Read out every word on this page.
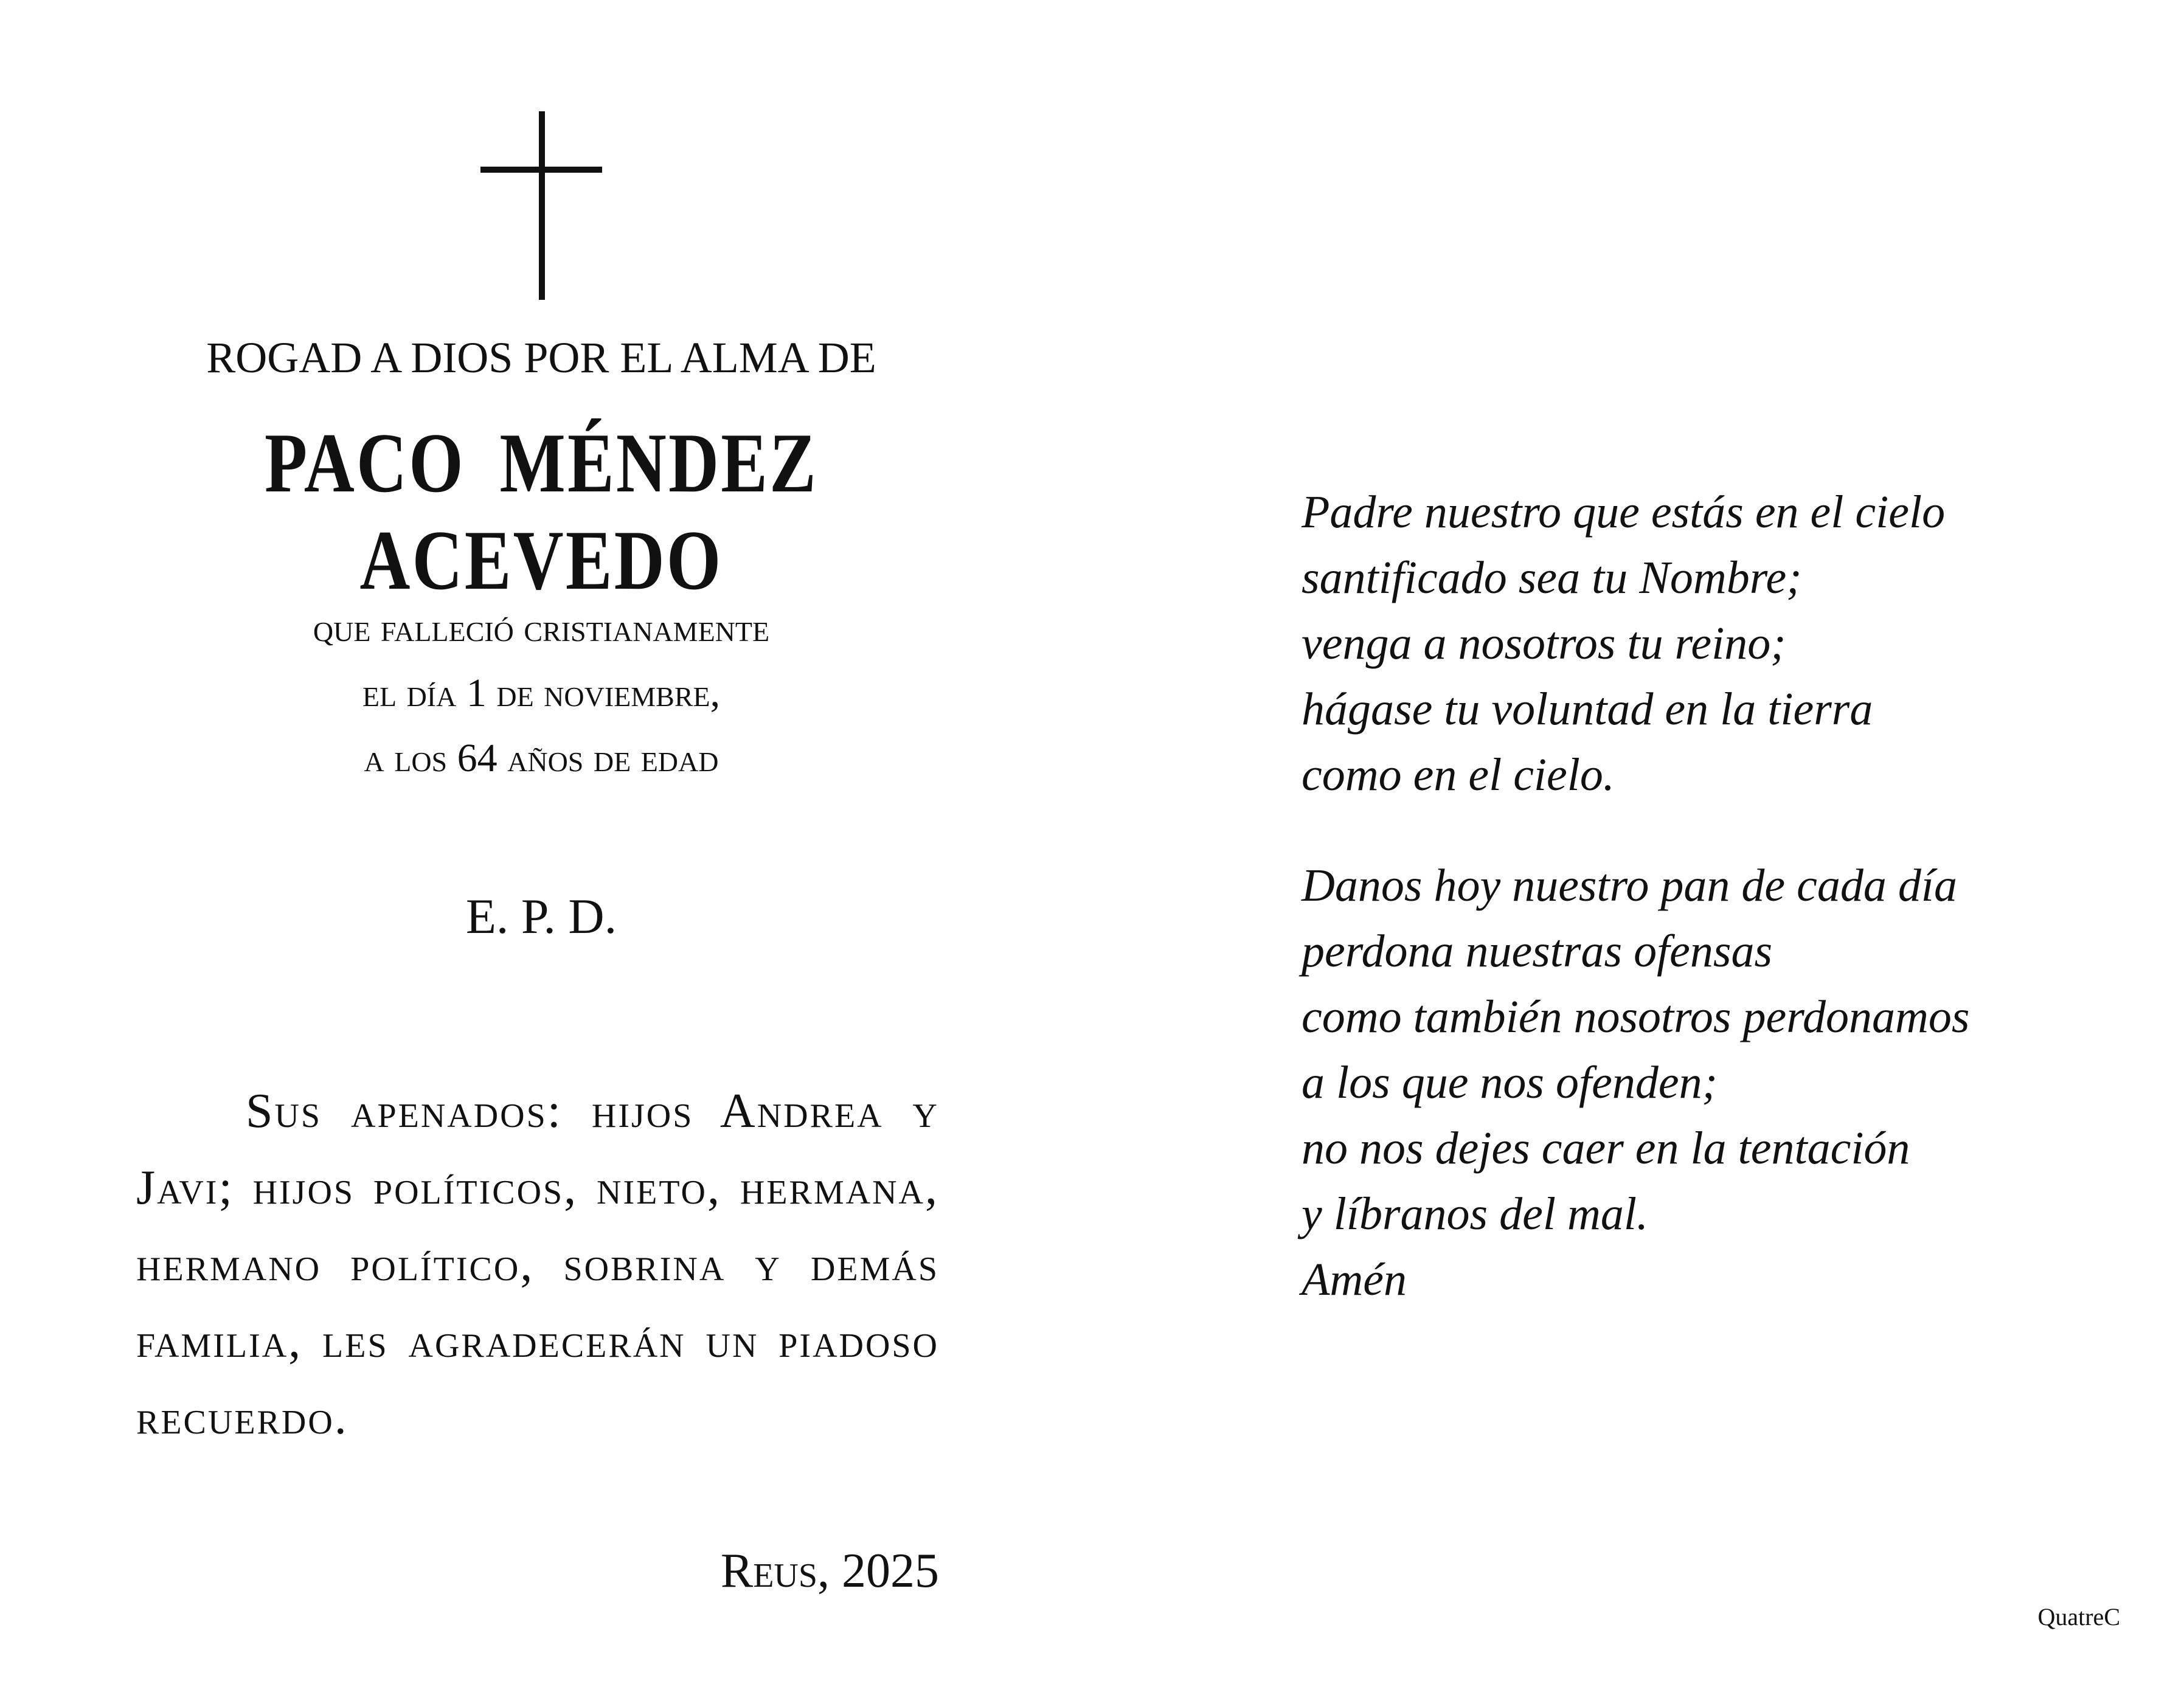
ROGAD A DIOS POR EL ALMA DE
PACO MÉNDEZ ACEVEDO
que falleció cristianamente
el día 1 de noviembre,
a los 64 años de edad
E. P. D.

Sus apenados: hijos Andrea y Javi; hijos políticos, nieto, hermana, hermano político, sobrina y demás familia, les agradecerán un piadoso recuerdo.

Reus, 2025
Padre nuestro que estás en el cielo
santificado sea tu Nombre;
venga a nosotros tu reino;
hágase tu voluntad en la tierra
como en el cielo.
Danos hoy nuestro pan de cada día
perdona nuestras ofensas
como también nosotros perdonamos
a los que nos ofenden;
no nos dejes caer en la tentación
y líbranos del mal.
Amén
QuatreC
